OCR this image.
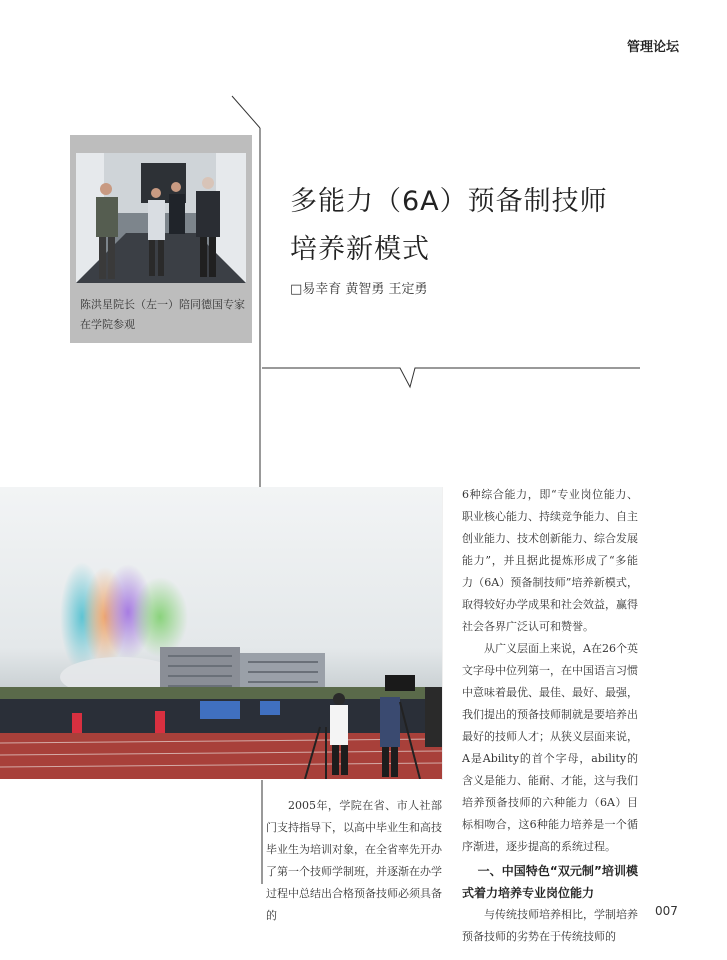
管理论坛
陈洪星院长（左一）陪同德国专家在学院参观
多能力（6A）预备制技师
培养新模式
□易幸育 黄智勇 王定勇

6种综合能力，即“专业岗位能力、职业核心能力、持续竞争能力、自主创业能力、技术创新能力、综合发展能力”，并且据此提炼形成了“多能力（6A）预备制技师”培养新模式，取得较好办学成果和社会效益，赢得社会各界广泛认可和赞誉。

从广义层面上来说，A在26个英文字母中位列第一，在中国语言习惯中意味着最优、最佳、最好、最强，我们提出的预备技师制就是要培养出最好的技师人才；从狭义层面来说，A是Ability的首个字母，ability的含义是能力、能耐、才能，这与我们培养预备技师的六种能力（6A）目标相吻合，这6种能力培养是一个循序渐进，逐步提高的系统过程。

一、中国特色“双元制”培训模式着力培养专业岗位能力

与传统技师培养相比，学制培养预备技师的劣势在于传统技师的

2005年，学院在省、市人社部门支持指导下，以高中毕业生和高技毕业生为培训对象，在全省率先开办了第一个技师学制班，并逐渐在办学过程中总结出合格预备技师必须具备的	007
